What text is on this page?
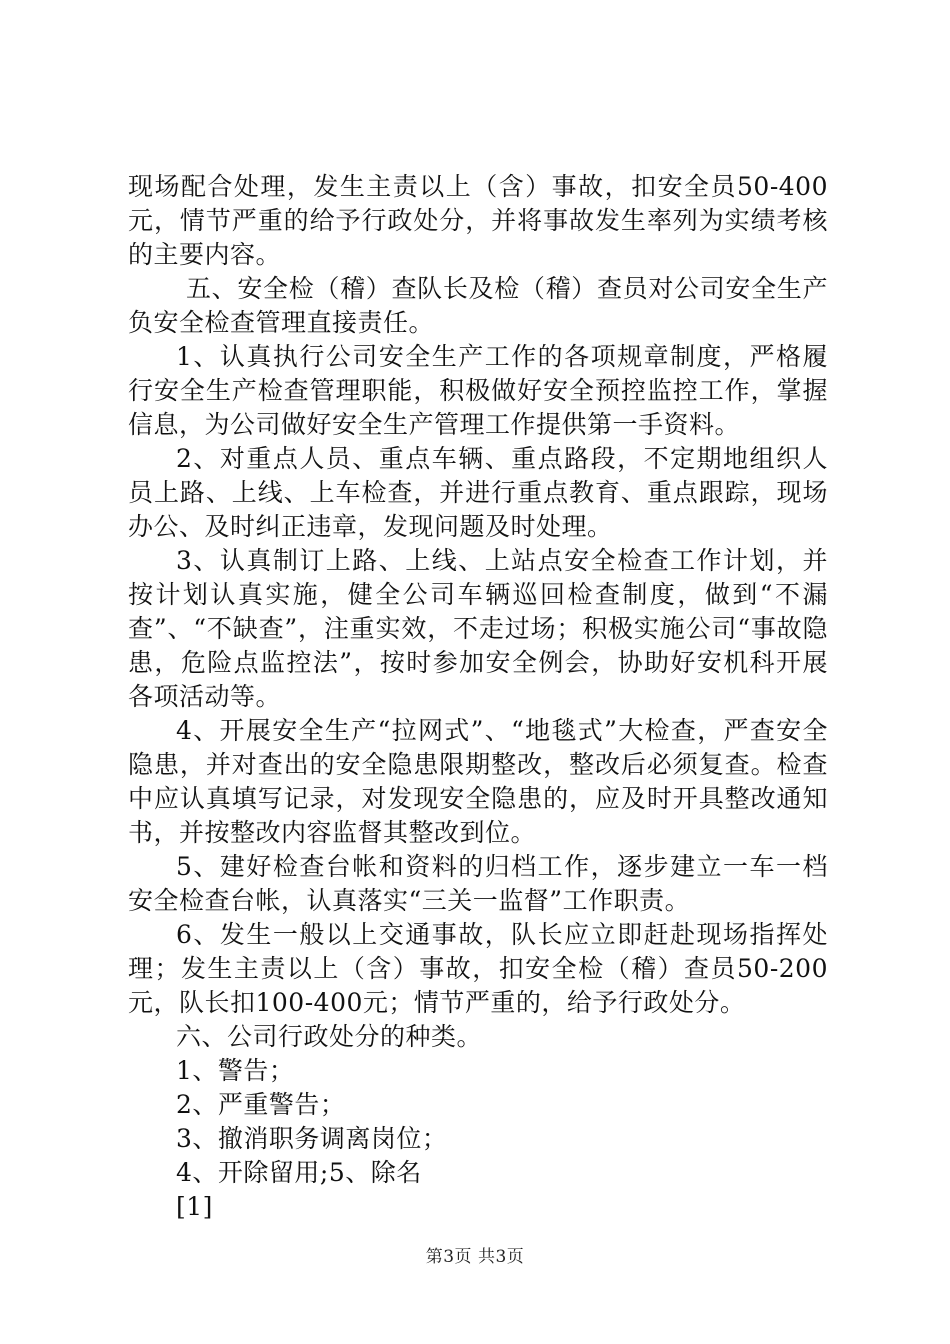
现场配合处理，发生主责以上（含）事故，扣安全员50-400元，情节严重的给予行政处分，并将事故发生率列为实绩考核的主要内容。

五、安全检（稽）查队长及检（稽）查员对公司安全生产负安全检查管理直接责任。

1、认真执行公司安全生产工作的各项规章制度，严格履行安全生产检查管理职能，积极做好安全预控监控工作，掌握信息，为公司做好安全生产管理工作提供第一手资料。

2、对重点人员、重点车辆、重点路段，不定期地组织人员上路、上线、上车检查，并进行重点教育、重点跟踪，现场办公、及时纠正违章，发现问题及时处理。

3、认真制订上路、上线、上站点安全检查工作计划，并按计划认真实施，健全公司车辆巡回检查制度，做到“不漏查”、“不缺查”，注重实效，不走过场；积极实施公司“事故隐患，危险点监控法”，按时参加安全例会，协助好安机科开展各项活动等。

4、开展安全生产“拉网式”、“地毯式”大检查，严查安全隐患，并对查出的安全隐患限期整改，整改后必须复查。检查中应认真填写记录，对发现安全隐患的，应及时开具整改通知书，并按整改内容监督其整改到位。

5、建好检查台帐和资料的归档工作，逐步建立一车一档安全检查台帐，认真落实“三关一监督”工作职责。

6、发生一般以上交通事故，队长应立即赶赴现场指挥处理；发生主责以上（含）事故，扣安全检（稽）查员50-200元，队长扣100-400元；情节严重的，给予行政处分。

六、公司行政处分的种类。

1、警告；

2、严重警告；

3、撤消职务调离岗位；

4、开除留用;5、除名

[1]

第3页 共3页
